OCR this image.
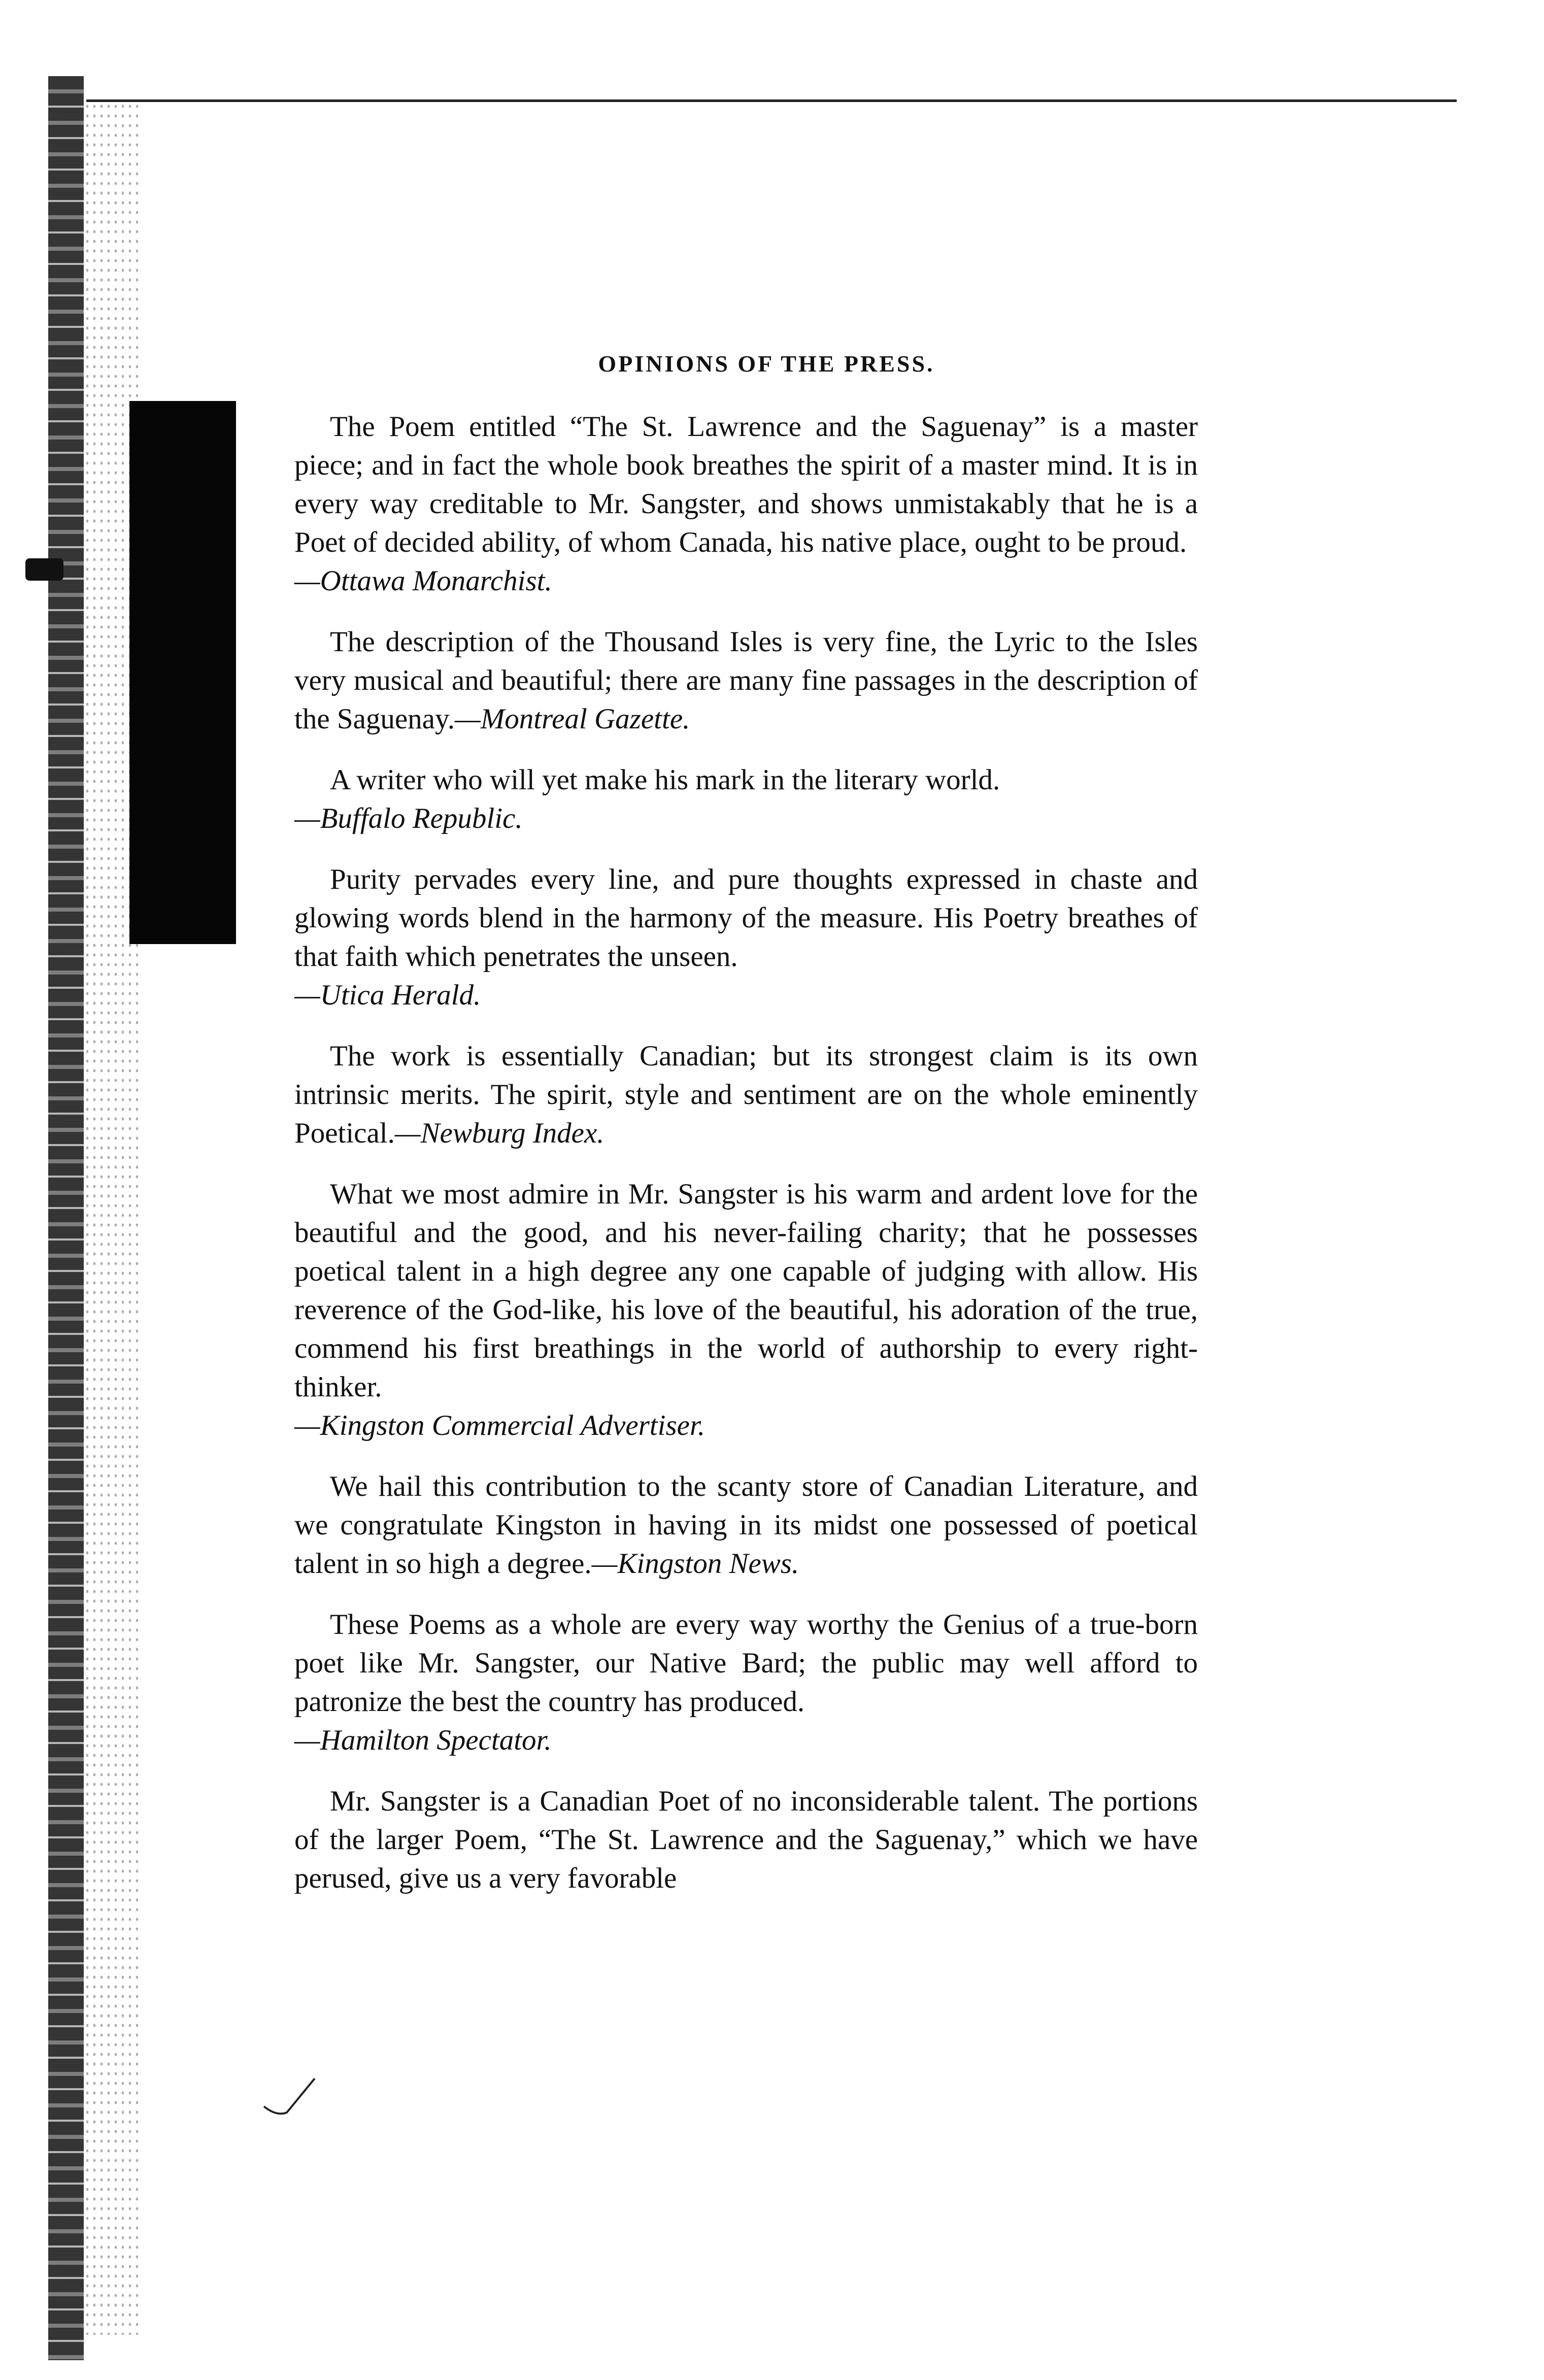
OPINIONS OF THE PRESS.

The Poem entitled “The St. Lawrence and the Saguenay” is a master piece; and in fact the whole book breathes the spirit of a master mind. It is in every way creditable to Mr. Sangster, and shows unmistakably that he is a Poet of decided ability, of whom Canada, his native place, ought to be proud.

—Ottawa Monarchist.

The description of the Thousand Isles is very fine, the Lyric to the Isles very musical and beautiful; there are many fine passages in the description of the Saguenay.—Montreal Gazette.

A writer who will yet make his mark in the literary world.

—Buffalo Republic.

Purity pervades every line, and pure thoughts expressed in chaste and glowing words blend in the harmony of the measure. His Poetry breathes of that faith which penetrates the unseen.

—Utica Herald.

The work is essentially Canadian; but its strongest claim is its own intrinsic merits. The spirit, style and sentiment are on the whole eminently Poetical.—Newburg Index.

What we most admire in Mr. Sangster is his warm and ardent love for the beautiful and the good, and his never-failing charity; that he possesses poetical talent in a high degree any one capable of judging with allow. His reverence of the God-like, his love of the beautiful, his adoration of the true, commend his first breathings in the world of authorship to every right-thinker.

—Kingston Commercial Advertiser.

We hail this contribution to the scanty store of Canadian Literature, and we congratulate Kingston in having in its midst one possessed of poetical talent in so high a degree.—Kingston News.

These Poems as a whole are every way worthy the Genius of a true-born poet like Mr. Sangster, our Native Bard; the public may well afford to patronize the best the country has produced.

—Hamilton Spectator.

Mr. Sangster is a Canadian Poet of no inconsiderable talent. The portions of the larger Poem, “The St. Lawrence and the Saguenay,” which we have perused, give us a very favorable
